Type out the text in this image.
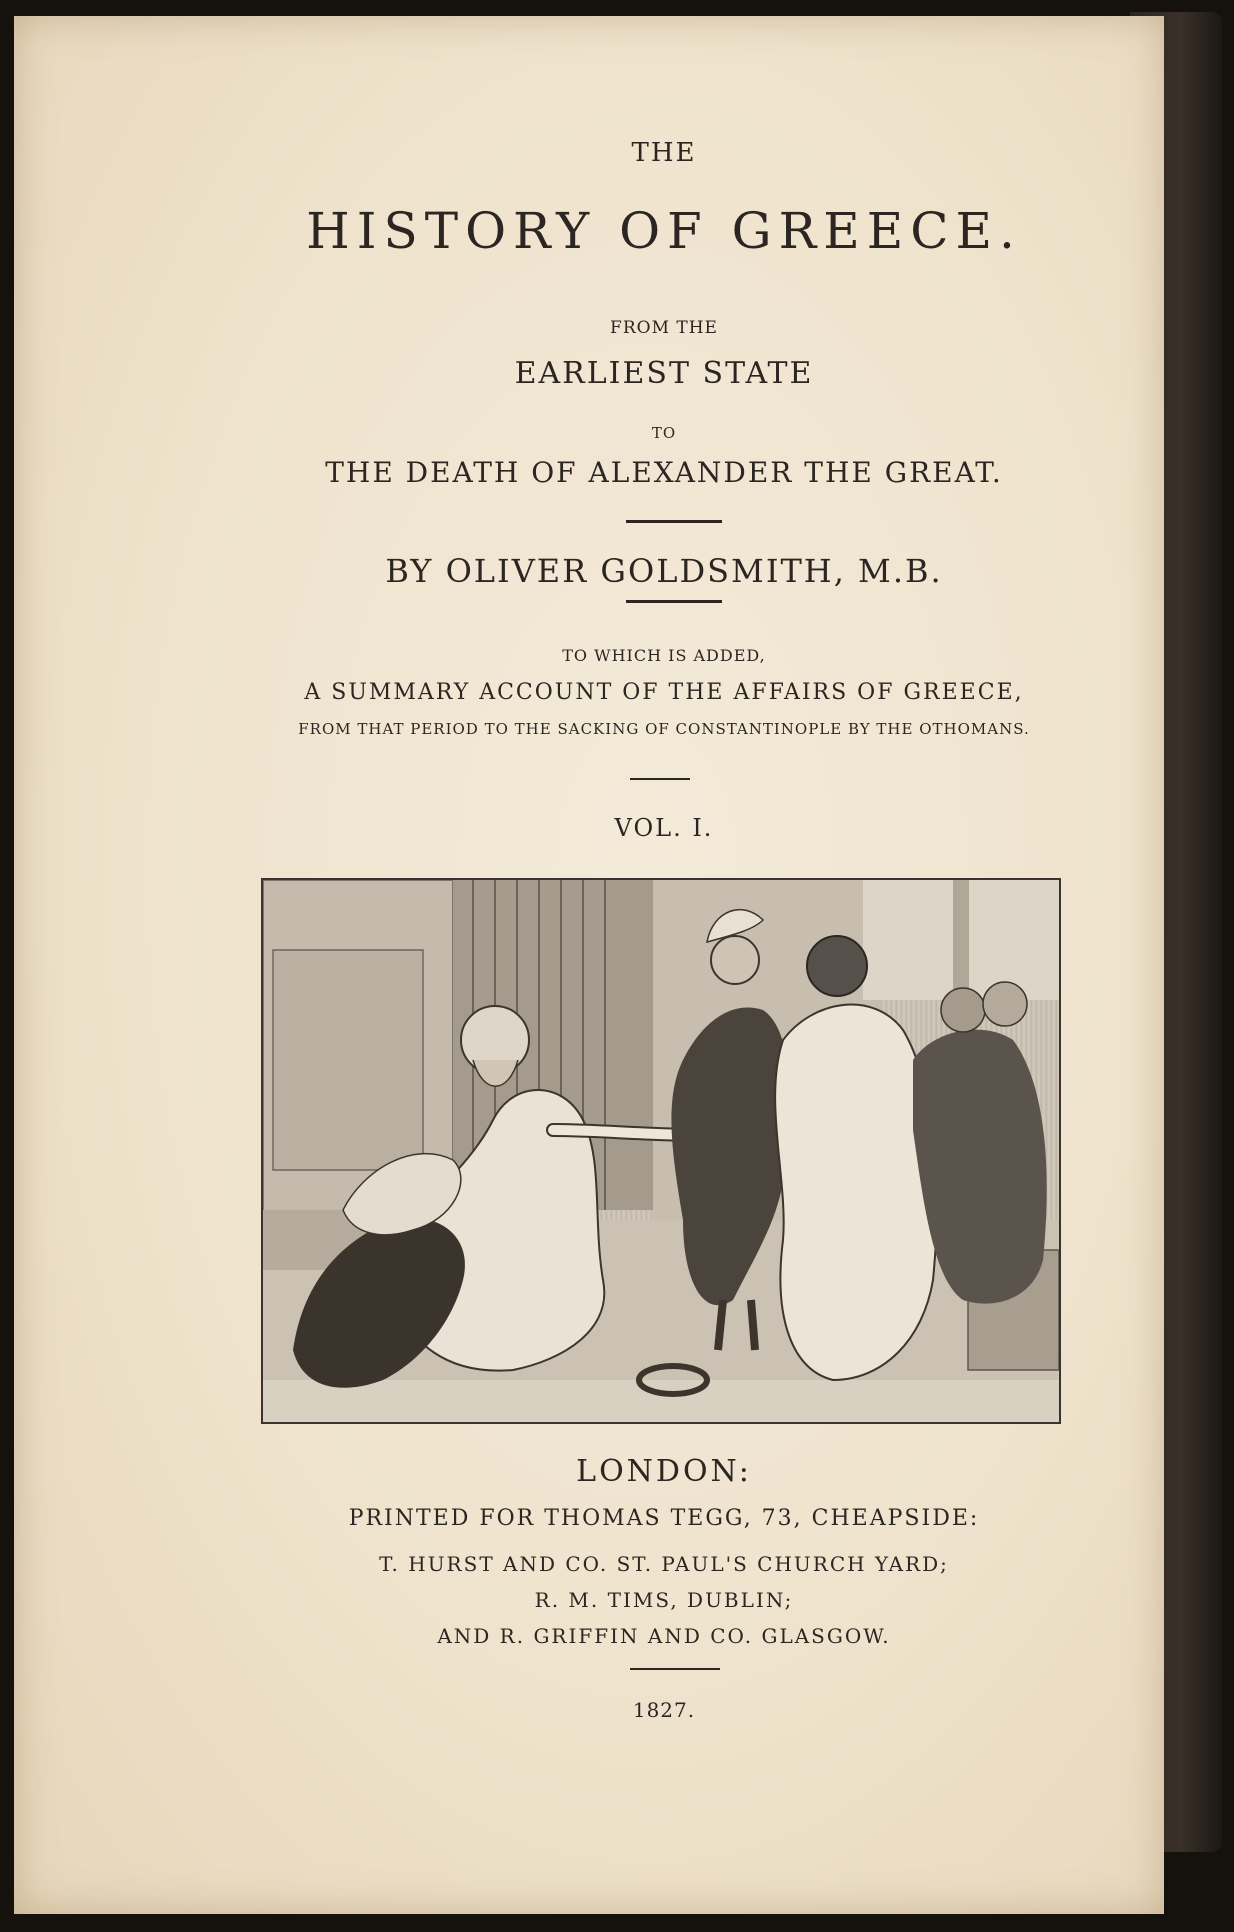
THE
HISTORY OF GREECE.
FROM THE
EARLIEST STATE
TO
THE DEATH OF ALEXANDER THE GREAT.
BY OLIVER GOLDSMITH, M.B.
TO WHICH IS ADDED,
A SUMMARY ACCOUNT OF THE AFFAIRS OF GREECE,
FROM THAT PERIOD TO THE SACKING OF CONSTANTINOPLE BY THE OTHOMANS.
VOL. I.
LONDON:
PRINTED FOR THOMAS TEGG, 73, CHEAPSIDE:
T. HURST AND CO. ST. PAUL'S CHURCH YARD;
R. M. TIMS, DUBLIN;
AND R. GRIFFIN AND CO. GLASGOW.
1827.
